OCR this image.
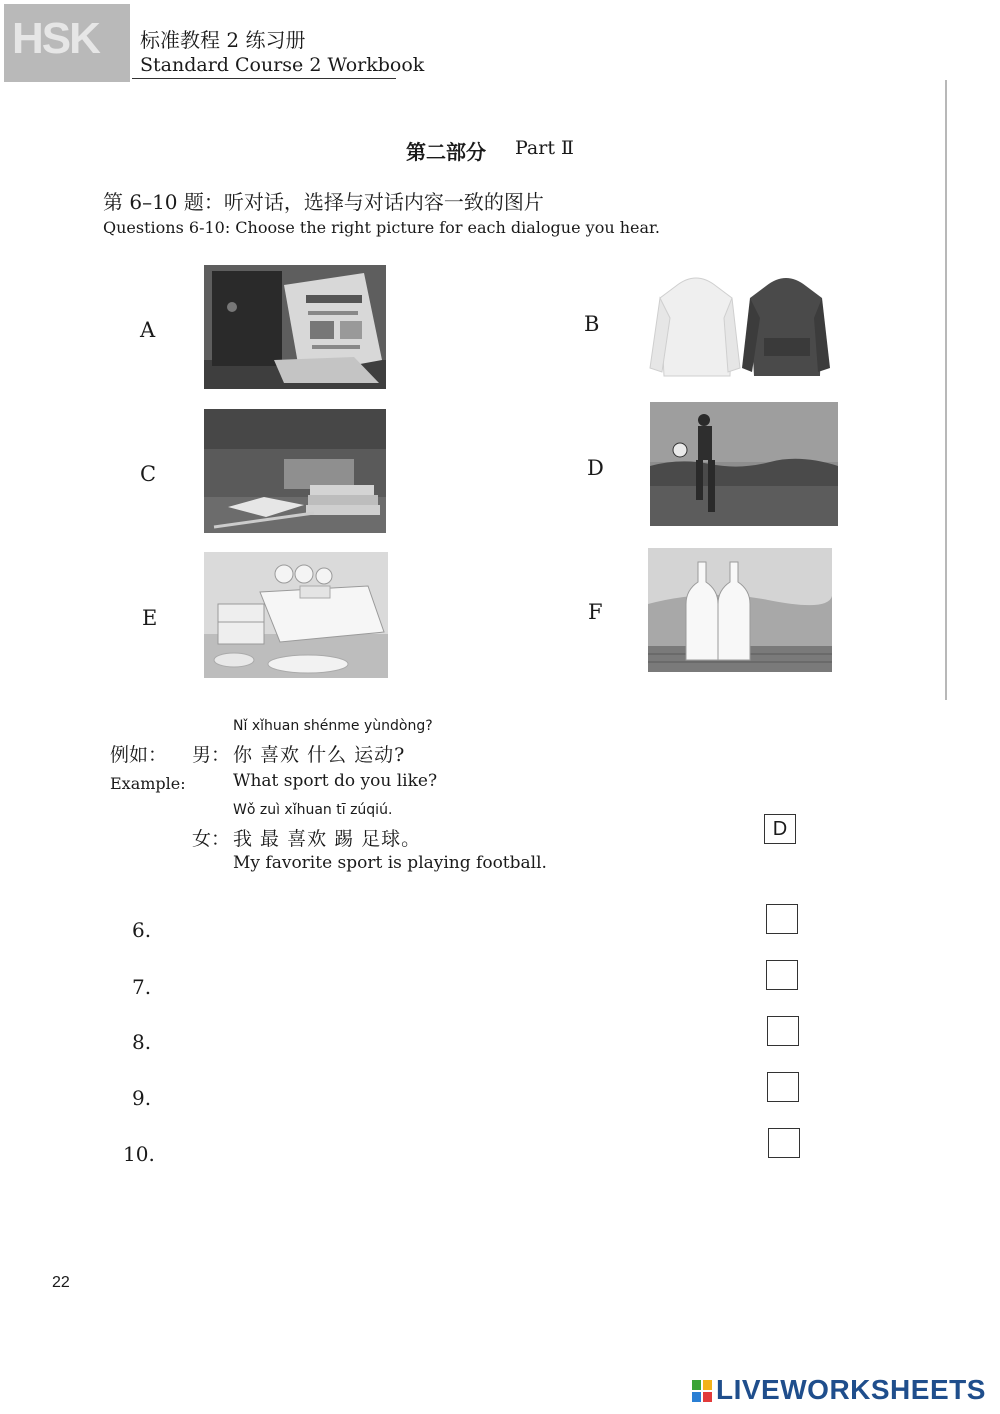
HSK 标准教程 2 练习册
Standard Course 2 Workbook
第二部分 Part Ⅱ
第 6–10 题：听对话，选择与对话内容一致的图片
Questions 6-10: Choose the right picture for each dialogue you hear.
A	B
C	D
E	F
例如：
Example:
男：
Nǐ xǐhuan shénme yùndòng?
你 喜欢 什么 运动?
What sport do you like?
女：
Wǒ zuì xǐhuan tī zúqiú.
我 最 喜欢 踢 足球。
My favorite sport is playing football.
D
6.
7.
8.
9.
10.
22
LIVEWORKSHEETS
